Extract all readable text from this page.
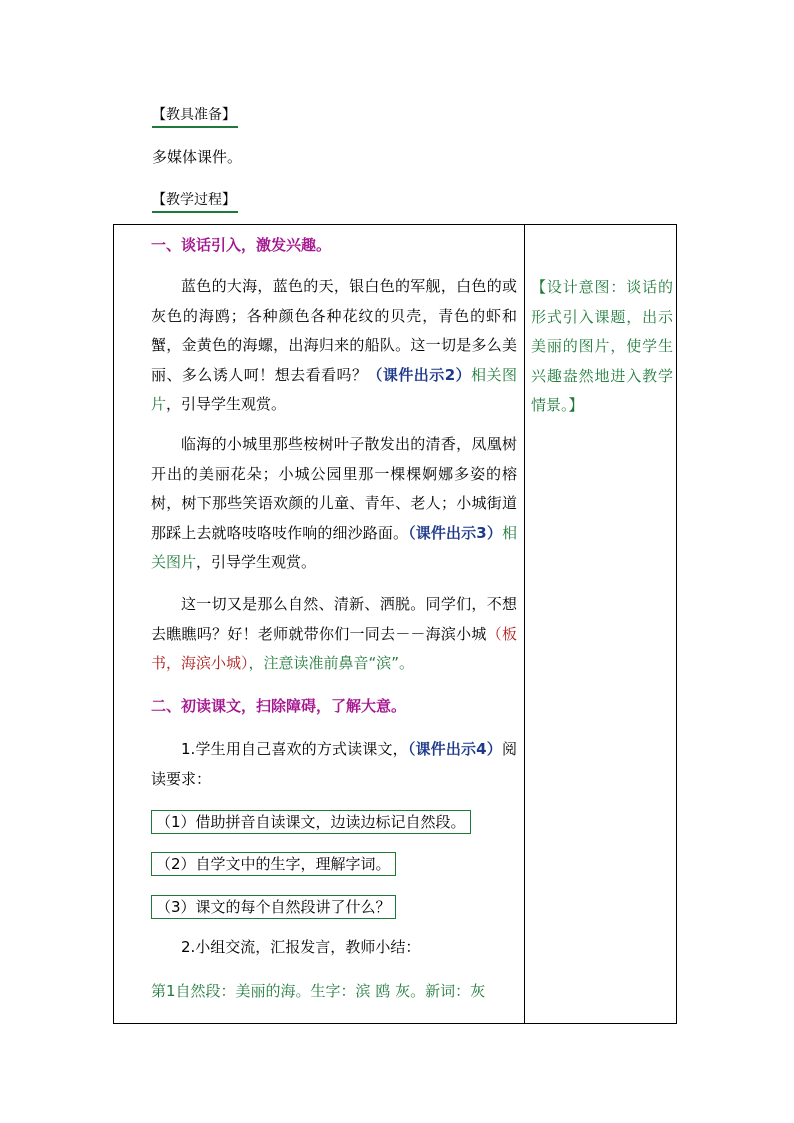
【教具准备】
多媒体课件。
【教学过程】
一、谈话引入，激发兴趣。

蓝色的大海，蓝色的天，银白色的军舰，白色的或灰色的海鸥；各种颜色各种花纹的贝壳，青色的虾和蟹，金黄色的海螺，出海归来的船队。这一切是多么美丽、多么诱人呵！想去看看吗？（课件出示2）相关图片，引导学生观赏。

临海的小城里那些桉树叶子散发出的清香，凤凰树开出的美丽花朵；小城公园里那一棵棵婀娜多姿的榕树，树下那些笑语欢颜的儿童、青年、老人；小城街道那踩上去就咯吱咯吱作响的细沙路面。（课件出示3）相关图片，引导学生观赏。

这一切又是那么自然、清新、洒脱。同学们，不想去瞧瞧吗？好！老师就带你们一同去－－海滨小城（板书，海滨小城），注意读准前鼻音“滨”。

二、初读课文，扫除障碍，了解大意。

1.学生用自己喜欢的方式读课文，（课件出示4）阅读要求：

（1）借助拼音自读课文，边读边标记自然段。
（2）自学文中的生字，理解字词。
（3）课文的每个自然段讲了什么？

2.小组交流，汇报发言，教师小结：

第1自然段：美丽的海。生字：滨 鸥 灰。新词：灰

【设计意图：谈话的形式引入课题，出示美丽的图片，使学生兴趣盎然地进入教学情景。】
